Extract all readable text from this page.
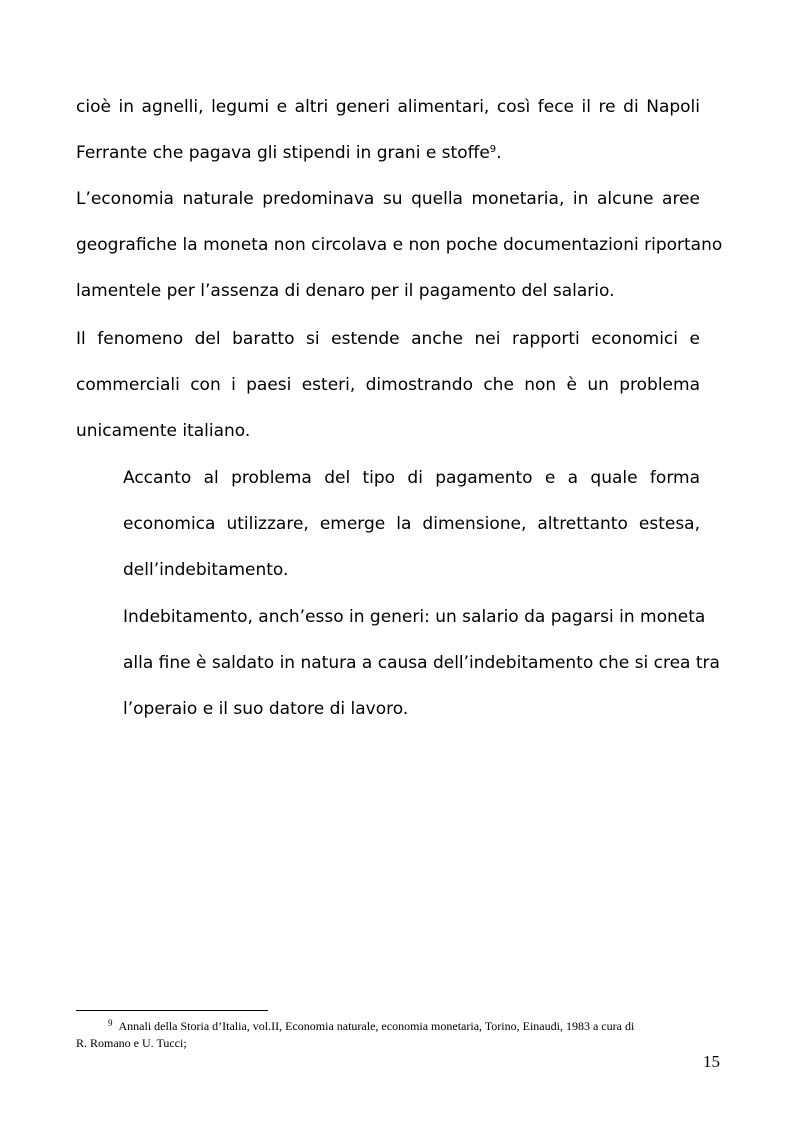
cioè in agnelli, legumi e altri generi alimentari, così fece il re di Napoli
Ferrante che pagava gli stipendi in grani e stoffe$^9$.
L’economia naturale predominava su quella monetaria, in alcune aree
geografiche la moneta non circolava e non poche documentazioni riportano
lamentele per l’assenza di denaro per il pagamento del salario.
Il fenomeno del baratto si estende anche nei rapporti economici e
commerciali con i paesi esteri, dimostrando che non è un problema
unicamente italiano.
Accanto al problema del tipo di pagamento e a quale forma
economica utilizzare, emerge la dimensione, altrettanto estesa,
dell’indebitamento.
Indebitamento, anch’esso in generi: un salario da pagarsi in moneta
alla fine è saldato in natura a causa dell’indebitamento che si crea tra
l’operaio e il suo datore di lavoro.
$^9$ Annali della Storia d’Italia, vol.II, Economia naturale, economia monetaria, Torino, Einaudi, 1983 a cura di
R. Romano e U. Tucci;
15
